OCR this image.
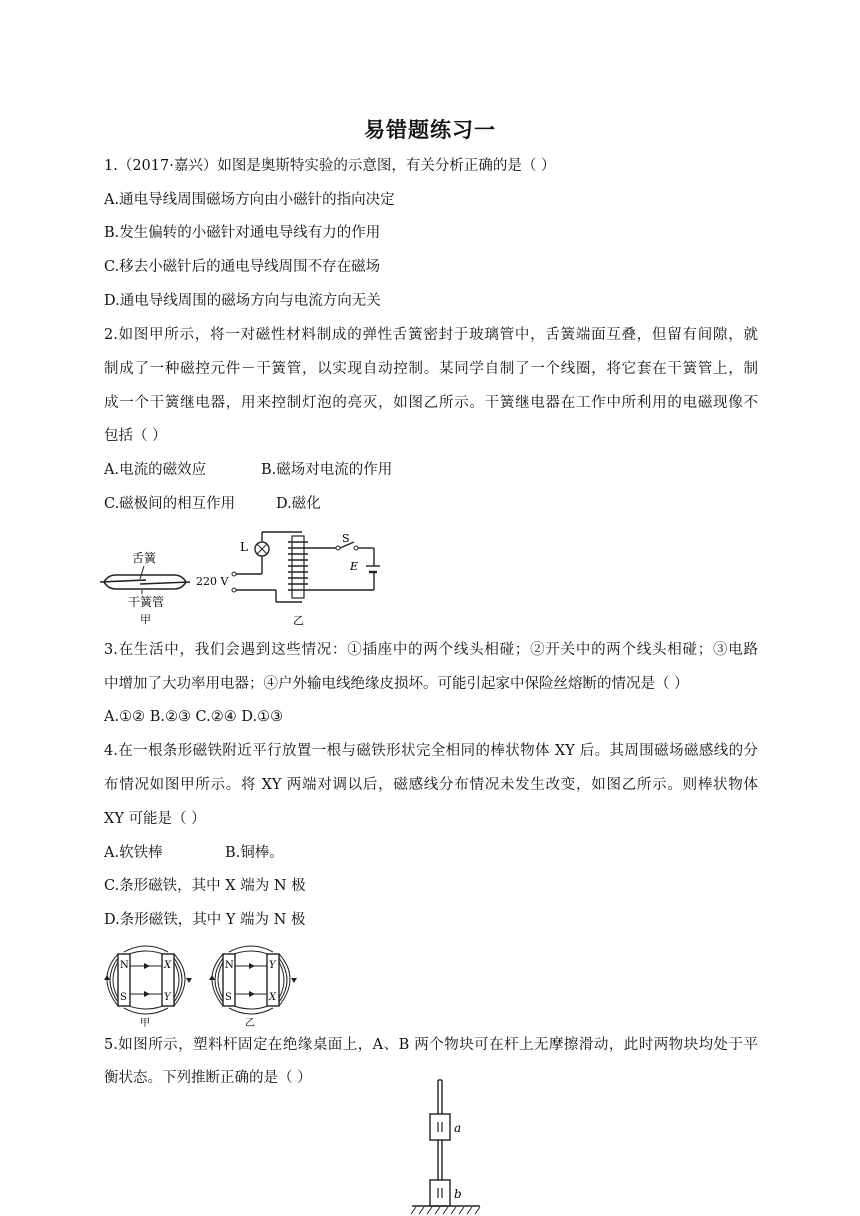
易错题练习一
1.（2017·嘉兴）如图是奥斯特实验的示意图，有关分析正确的是（ ）
A.通电导线周围磁场方向由小磁针的指向决定
B.发生偏转的小磁针对通电导线有力的作用
C.移去小磁针后的通电导线周围不存在磁场
D.通电导线周围的磁场方向与电流方向无关
2.如图甲所示，将一对磁性材料制成的弹性舌簧密封于玻璃管中，舌簧端面互叠，但留有间隙，就
制成了一种磁控元件－干簧管，以实现自动控制。某同学自制了一个线圈，将它套在干簧管上，制
成一个干簧继电器，用来控制灯泡的亮灭，如图乙所示。干簧继电器在工作中所利用的电磁现像不
包括（ ）
A.电流的磁效应	B.磁场对电流的作用
C.磁极间的相互作用	D.磁化
舌簧
干簧管
甲
L
220 V
S
E
乙
3.在生活中，我们会遇到这些情况：①插座中的两个线头相碰；②开关中的两个线头相碰；③电路
中增加了大功率用电器；④户外输电线绝缘皮损坏。可能引起家中保险丝熔断的情况是（ ）
A.①② B.②③ C.②④ D.①③
4.在一根条形磁铁附近平行放置一根与磁铁形状完全相同的棒状物体 XY 后。其周围磁场磁感线的分
布情况如图甲所示。将 XY 两端对调以后，磁感线分布情况未发生改变，如图乙所示。则棒状物体
XY 可能是（ ）
A.软铁棒	B.铜棒。
C.条形磁铁，其中 X 端为 N 极
D.条形磁铁，其中 Y 端为 N 极
N
S
X
Y
甲
N
S
Y
X
乙
5.如图所示，塑料杆固定在绝缘桌面上，A、B 两个物块可在杆上无摩擦滑动，此时两物块均处于平
衡状态。下列推断正确的是（ ）
a
b
